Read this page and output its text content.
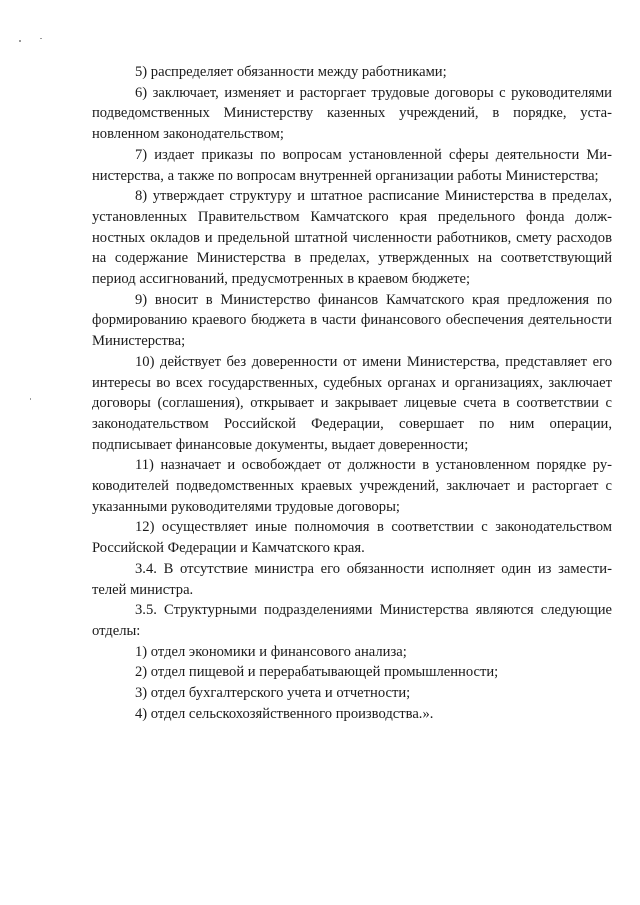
5) распределяет обязанности между работниками;

6) заключает, изменяет и расторгает трудовые договоры с руководителями подведомственных Министерству казенных учреждений, в порядке, установленном законодательством;

7) издает приказы по вопросам установленной сферы деятельности Министерства, а также по вопросам внутренней организации работы Министерства;

8) утверждает структуру и штатное расписание Министерства в пределах, установленных Правительством Камчатского края предельного фонда должностных окладов и предельной штатной численности работников, смету расходов на содержание Министерства в пределах, утвержденных на соответствующий период ассигнований, предусмотренных в краевом бюджете;

9) вносит в Министерство финансов Камчатского края предложения по формированию краевого бюджета в части финансового обеспечения деятельности Министерства;

10) действует без доверенности от имени Министерства, представляет его интересы во всех государственных, судебных органах и организациях, заключает договоры (соглашения), открывает и закрывает лицевые счета в соответствии с законодательством Российской Федерации, совершает по ним операции, подписывает финансовые документы, выдает доверенности;

11) назначает и освобождает от должности в установленном порядке руководителей подведомственных краевых учреждений, заключает и расторгает с указанными руководителями трудовые договоры;

12) осуществляет иные полномочия в соответствии с законодательством Российской Федерации и Камчатского края.

3.4. В отсутствие министра его обязанности исполняет один из заместителей министра.

3.5. Структурными подразделениями Министерства являются следующие отделы:

1) отдел экономики и финансового анализа;

2) отдел пищевой и перерабатывающей промышленности;

3) отдел бухгалтерского учета и отчетности;

4) отдел сельскохозяйственного производства.».
